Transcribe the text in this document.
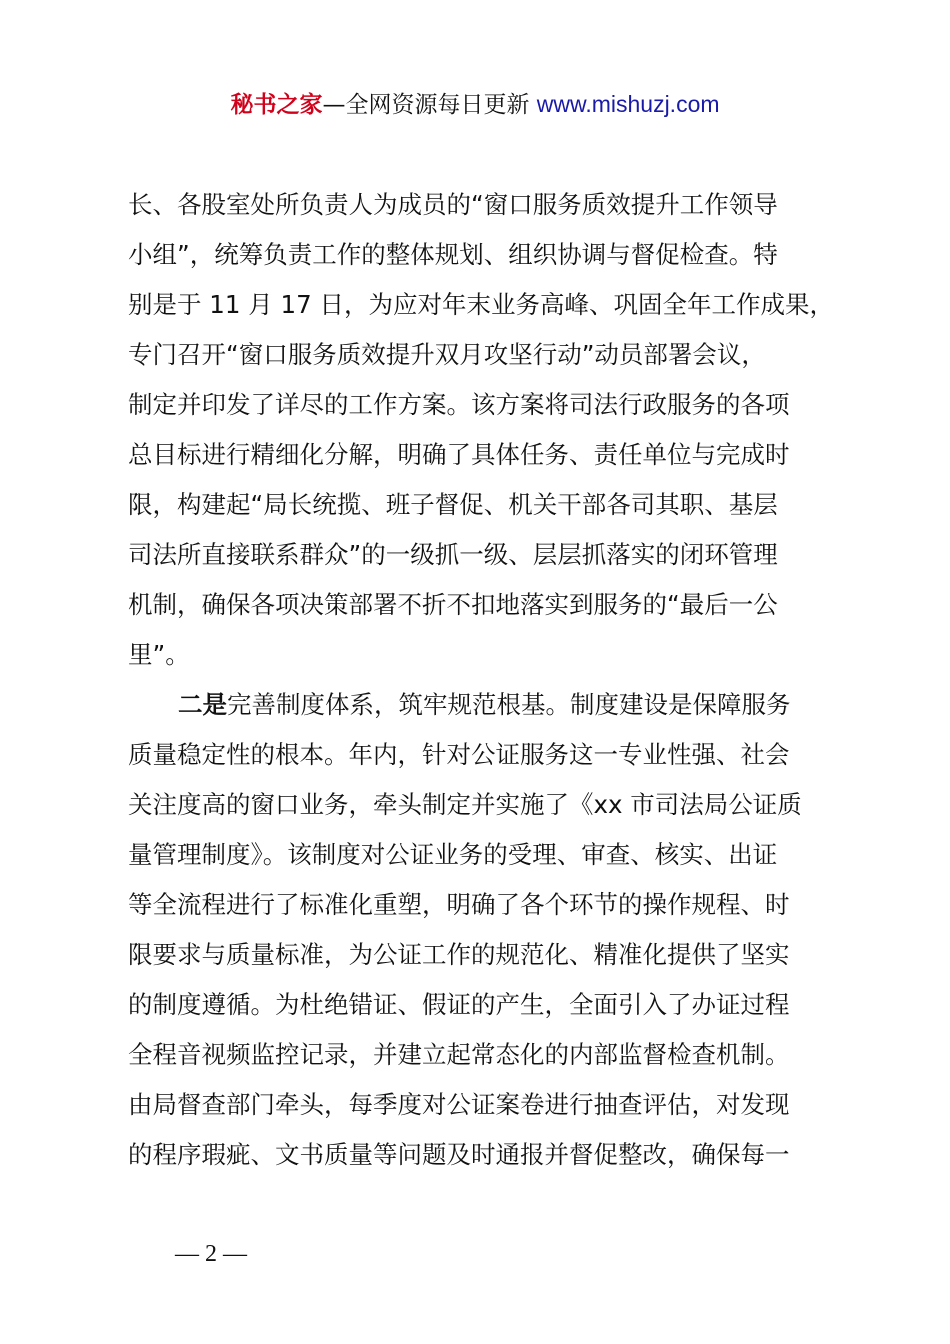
秘书之家—全网资源每日更新 www.mishuzj.com
长、各股室处所负责人为成员的“窗口服务质效提升工作领导
小组”，统筹负责工作的整体规划、组织协调与督促检查。特
别是于 11 月 17 日，为应对年末业务高峰、巩固全年工作成果，
专门召开“窗口服务质效提升双月攻坚行动”动员部署会议，
制定并印发了详尽的工作方案。该方案将司法行政服务的各项
总目标进行精细化分解，明确了具体任务、责任单位与完成时
限，构建起“局长统揽、班子督促、机关干部各司其职、基层
司法所直接联系群众”的一级抓一级、层层抓落实的闭环管理
机制，确保各项决策部署不折不扣地落实到服务的“最后一公
里”。
二是完善制度体系，筑牢规范根基。制度建设是保障服务
质量稳定性的根本。年内，针对公证服务这一专业性强、社会
关注度高的窗口业务，牵头制定并实施了《xx 市司法局公证质
量管理制度》。该制度对公证业务的受理、审查、核实、出证
等全流程进行了标准化重塑，明确了各个环节的操作规程、时
限要求与质量标准，为公证工作的规范化、精准化提供了坚实
的制度遵循。为杜绝错证、假证的产生，全面引入了办证过程
全程音视频监控记录，并建立起常态化的内部监督检查机制。
由局督查部门牵头，每季度对公证案卷进行抽查评估，对发现
的程序瑕疵、文书质量等问题及时通报并督促整改，确保每一
— 2 —
